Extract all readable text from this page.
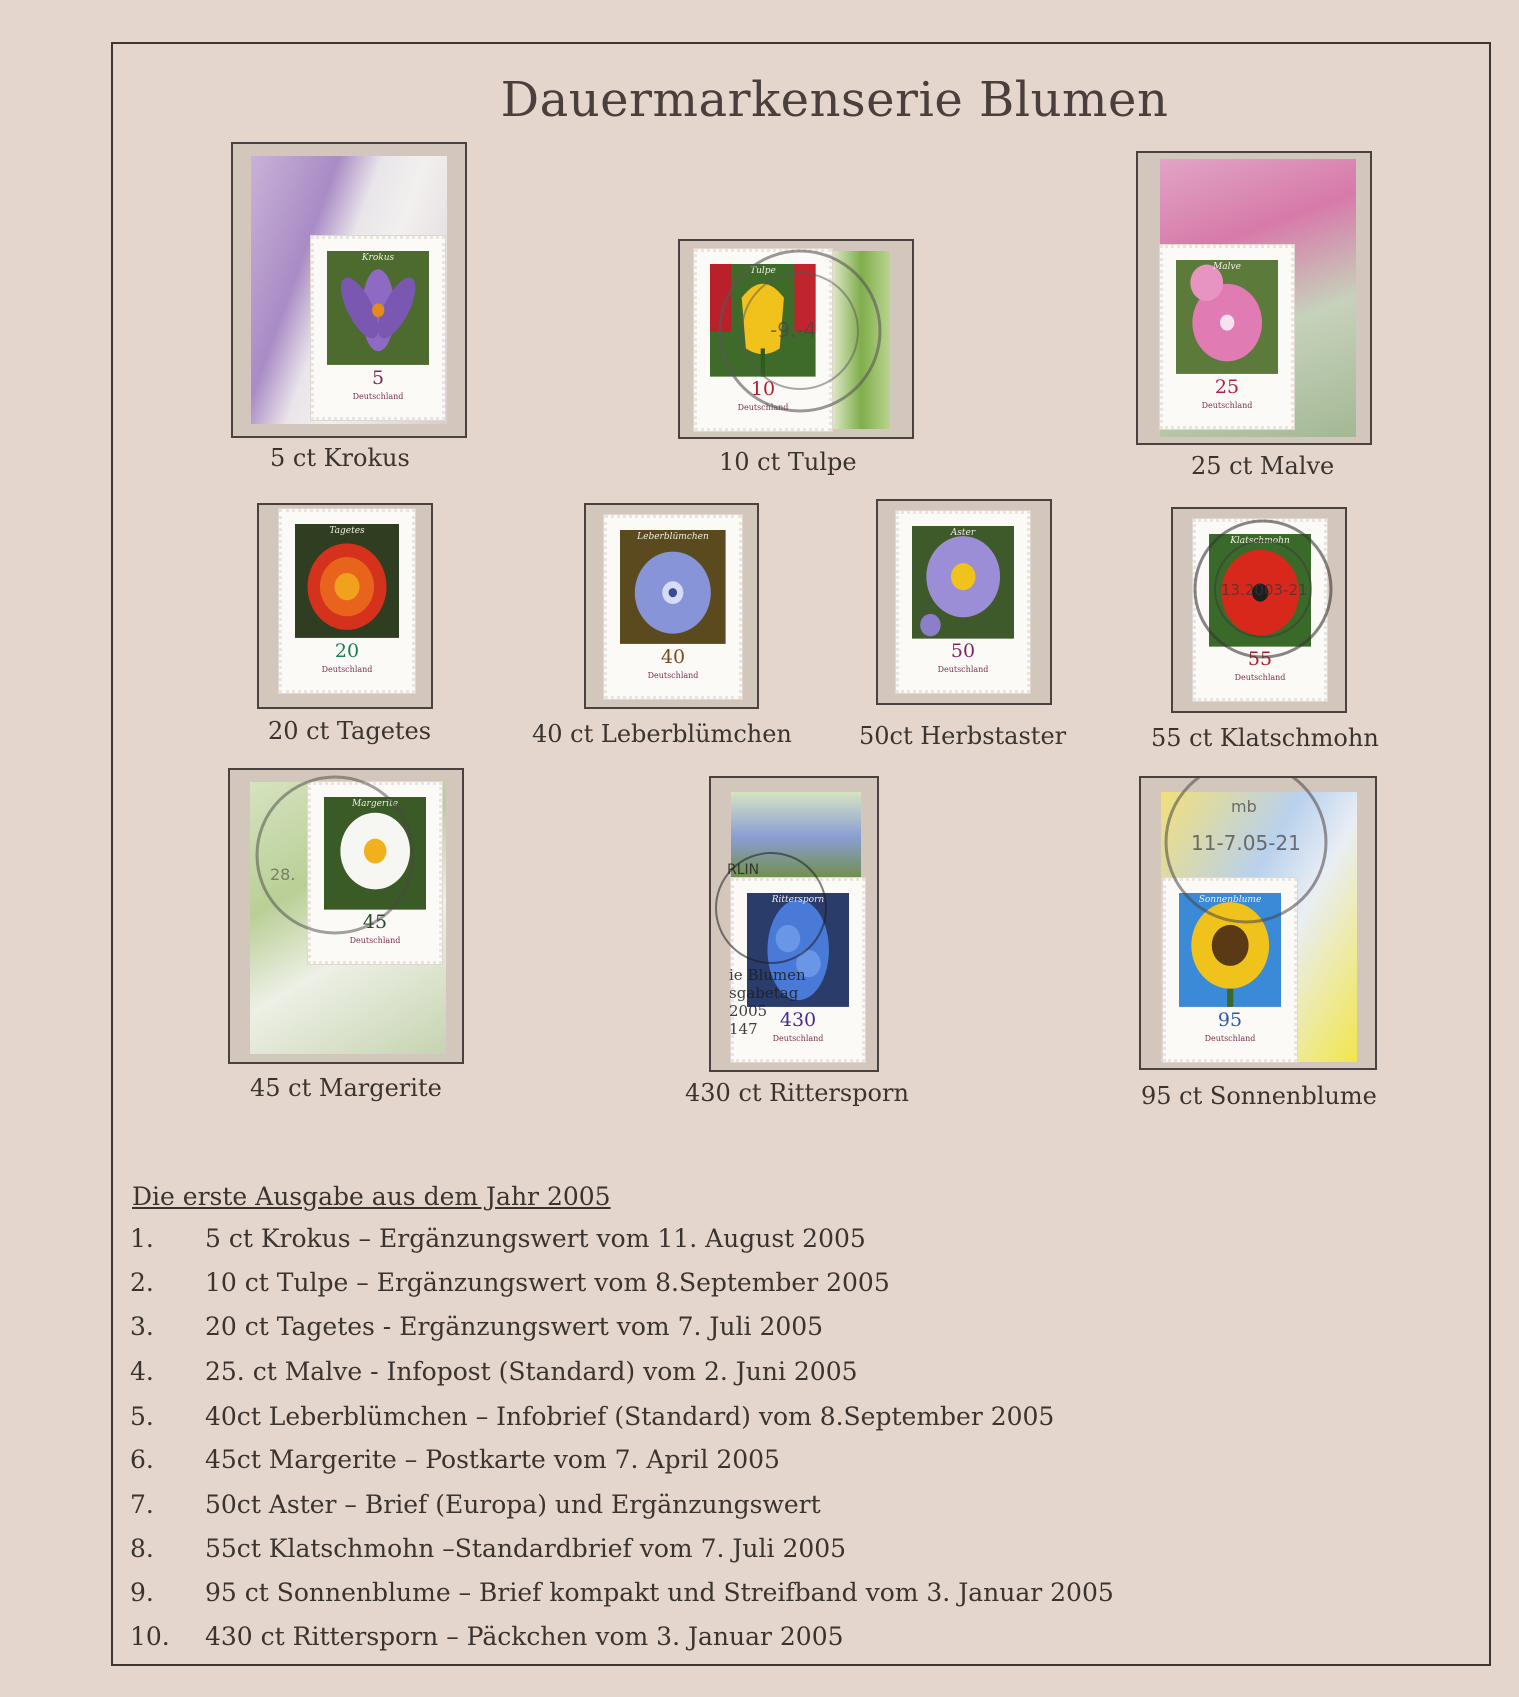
Dauermarkenserie Blumen
Krokus
5
Deutschland
5 ct Krokus
Tulpe
10
Deutschland
-9.-4
10 ct Tulpe
Malve
25
Deutschland
25 ct Malve
Tagetes
20
Deutschland
20 ct Tagetes
Leberblümchen
40
Deutschland
40 ct Leberblümchen
Aster
50
Deutschland
50ct Herbstaster
Klatschmohn
55
Deutschland
13.2003-21
55 ct Klatschmohn
Margerite
45
Deutschland
28.
45 ct Margerite
Rittersporn
430
Deutschland
RLIN
ie Blumen
sgabetag
2005
147
430 ct Rittersporn
Sonnenblume
95
Deutschland
mb
11-7.05-21
95 ct Sonnenblume
Die erste Ausgabe aus dem Jahr 2005
1. 5 ct Krokus – Ergänzungswert vom 11. August 2005
2. 10 ct Tulpe – Ergänzungswert vom 8.September 2005
3. 20 ct Tagetes - Ergänzungswert vom 7. Juli 2005
4. 25. ct Malve - Infopost (Standard) vom 2. Juni 2005
5. 40ct Leberblümchen – Infobrief (Standard) vom 8.September 2005
6. 45ct Margerite – Postkarte vom 7. April 2005
7. 50ct Aster – Brief (Europa) und Ergänzungswert
8. 55ct Klatschmohn –Standardbrief vom 7. Juli 2005
9. 95 ct Sonnenblume – Brief kompakt und Streifband vom 3. Januar 2005
10. 430 ct Rittersporn – Päckchen vom 3. Januar 2005
